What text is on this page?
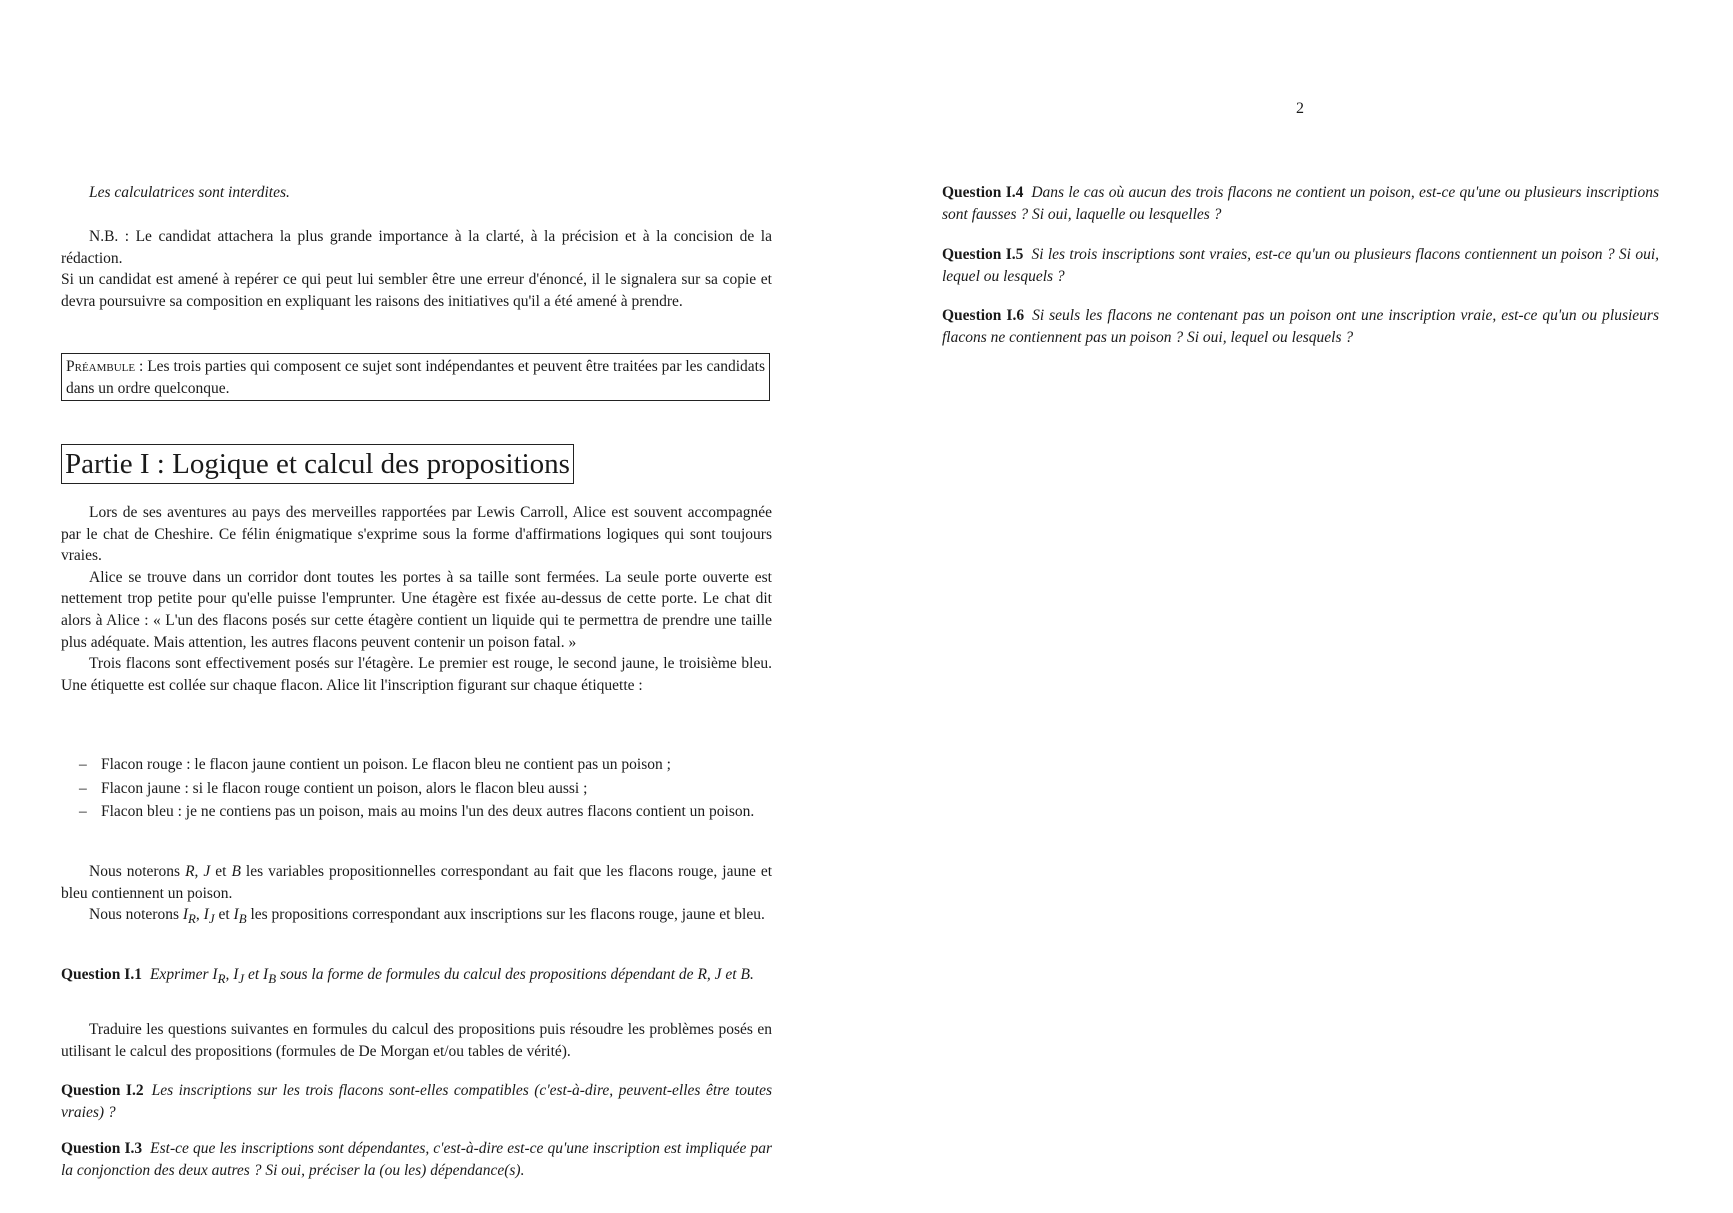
2

Les calculatrices sont interdites.

N.B. : Le candidat attachera la plus grande importance à la clarté, à la précision et à la concision de la rédaction.

Si un candidat est amené à repérer ce qui peut lui sembler être une erreur d'énoncé, il le signalera sur sa copie et devra poursuivre sa composition en expliquant les raisons des initiatives qu'il a été amené à prendre.

Préambule : Les trois parties qui composent ce sujet sont indépendantes et peuvent être traitées par les candidats dans un ordre quelconque.
Partie I : Logique et calcul des propositions

Lors de ses aventures au pays des merveilles rapportées par Lewis Carroll, Alice est souvent accompagnée par le chat de Cheshire. Ce félin énigmatique s'exprime sous la forme d'affirmations logiques qui sont toujours vraies.

Alice se trouve dans un corridor dont toutes les portes à sa taille sont fermées. La seule porte ouverte est nettement trop petite pour qu'elle puisse l'emprunter. Une étagère est fixée au-dessus de cette porte. Le chat dit alors à Alice : « L'un des flacons posés sur cette étagère contient un liquide qui te permettra de prendre une taille plus adéquate. Mais attention, les autres flacons peuvent contenir un poison fatal. »

Trois flacons sont effectivement posés sur l'étagère. Le premier est rouge, le second jaune, le troisième bleu. Une étiquette est collée sur chaque flacon. Alice lit l'inscription figurant sur chaque étiquette :

– Flacon rouge : le flacon jaune contient un poison. Le flacon bleu ne contient pas un poison ;
– Flacon jaune : si le flacon rouge contient un poison, alors le flacon bleu aussi ;
– Flacon bleu : je ne contiens pas un poison, mais au moins l'un des deux autres flacons contient un poison.

Nous noterons R, J et B les variables propositionnelles correspondant au fait que les flacons rouge, jaune et bleu contiennent un poison.

Nous noterons $I_R$, $I_J$ et $I_B$ les propositions correspondant aux inscriptions sur les flacons rouge, jaune et bleu.

Question I.1 Exprimer $I_R$, $I_J$ et $I_B$ sous la forme de formules du calcul des propositions dépendant de R, J et B.

Traduire les questions suivantes en formules du calcul des propositions puis résoudre les problèmes posés en utilisant le calcul des propositions (formules de De Morgan et/ou tables de vérité).

Question I.2 Les inscriptions sur les trois flacons sont-elles compatibles (c'est-à-dire, peuvent-elles être toutes vraies) ?

Question I.3 Est-ce que les inscriptions sont dépendantes, c'est-à-dire est-ce qu'une inscription est impliquée par la conjonction des deux autres ? Si oui, préciser la (ou les) dépendance(s).

Question I.4 Dans le cas où aucun des trois flacons ne contient un poison, est-ce qu'une ou plusieurs inscriptions sont fausses ? Si oui, laquelle ou lesquelles ?

Question I.5 Si les trois inscriptions sont vraies, est-ce qu'un ou plusieurs flacons contiennent un poison ? Si oui, lequel ou lesquels ?

Question I.6 Si seuls les flacons ne contenant pas un poison ont une inscription vraie, est-ce qu'un ou plusieurs flacons ne contiennent pas un poison ? Si oui, lequel ou lesquels ?
